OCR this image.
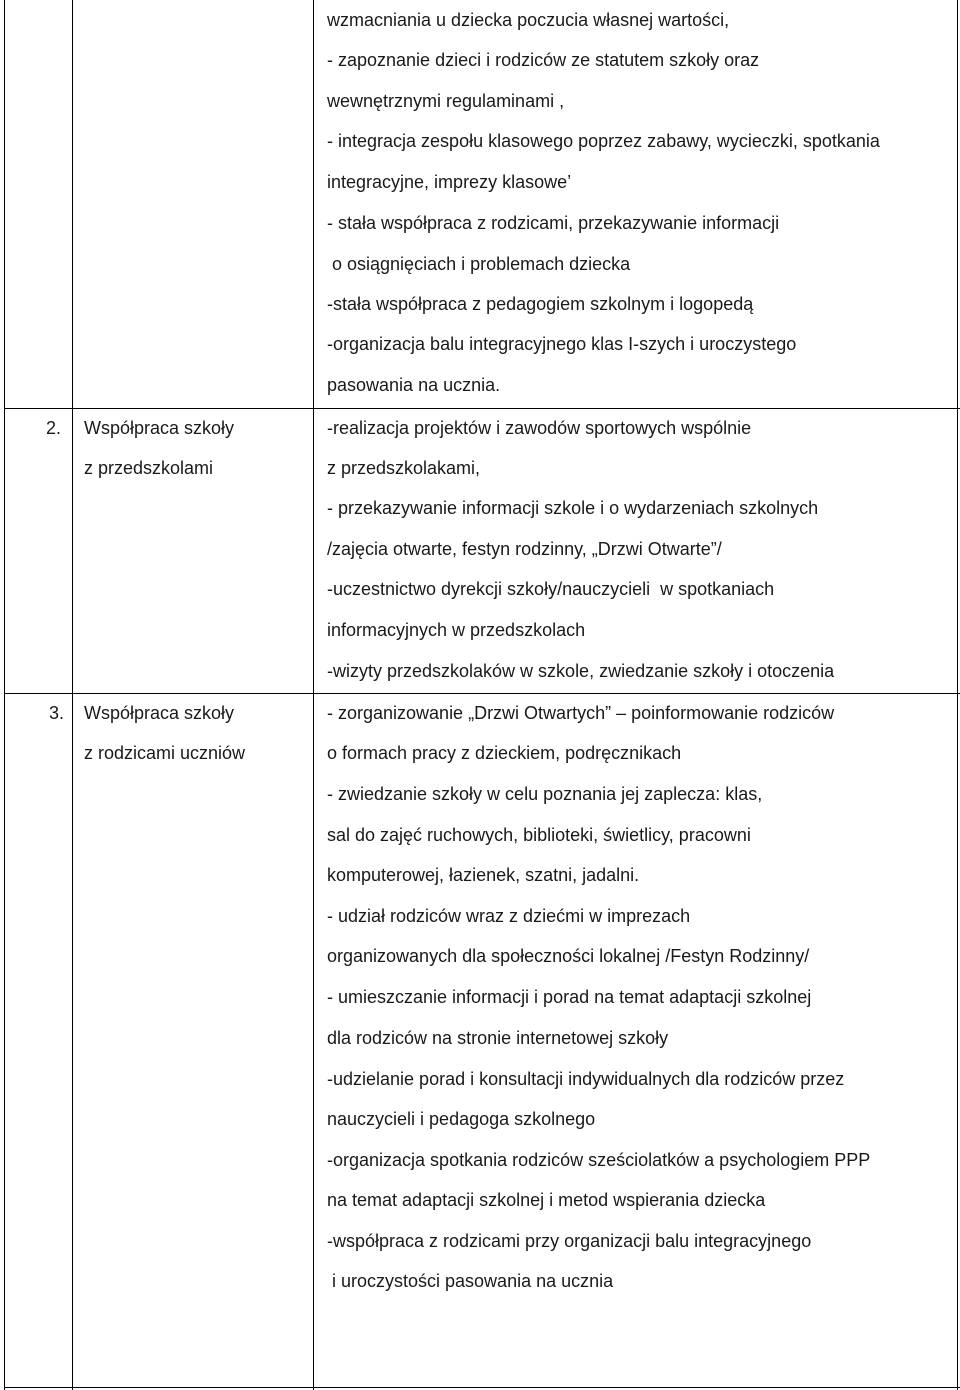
wzmacniania u dziecka poczucia własnej wartości,
- zapoznanie dzieci i rodziców ze statutem szkoły oraz
wewnętrznymi regulaminami ,
- integracja zespołu klasowego poprzez zabawy, wycieczki, spotkania
integracyjne, imprezy klasowe’
- stała współpraca z rodzicami, przekazywanie informacji
o osiągnięciach i problemach dziecka
-stała współpraca z pedagogiem szkolnym i logopedą
-organizacja balu integracyjnego klas I-szych i uroczystego
pasowania na ucznia.
2. Współpraca szkoły
z przedszkolami
-realizacja projektów i zawodów sportowych wspólnie
z przedszkolakami,
- przekazywanie informacji szkole i o wydarzeniach szkolnych
/zajęcia otwarte, festyn rodzinny, „Drzwi Otwarte”/
-uczestnictwo dyrekcji szkoły/nauczycieli  w spotkaniach
informacyjnych w przedszkolach
-wizyty przedszkolaków w szkole, zwiedzanie szkoły i otoczenia
3. Współpraca szkoły
z rodzicami uczniów
- zorganizowanie „Drzwi Otwartych” – poinformowanie rodziców
o formach pracy z dzieckiem, podręcznikach
- zwiedzanie szkoły w celu poznania jej zaplecza: klas,
sal do zajęć ruchowych, biblioteki, świetlicy, pracowni
komputerowej, łazienek, szatni, jadalni.
- udział rodziców wraz z dziećmi w imprezach
organizowanych dla społeczności lokalnej /Festyn Rodzinny/
- umieszczanie informacji i porad na temat adaptacji szkolnej
dla rodziców na stronie internetowej szkoły
-udzielanie porad i konsultacji indywidualnych dla rodziców przez
nauczycieli i pedagoga szkolnego
-organizacja spotkania rodziców sześciolatków a psychologiem PPP
na temat adaptacji szkolnej i metod wspierania dziecka
-współpraca z rodzicami przy organizacji balu integracyjnego
i uroczystości pasowania na ucznia
